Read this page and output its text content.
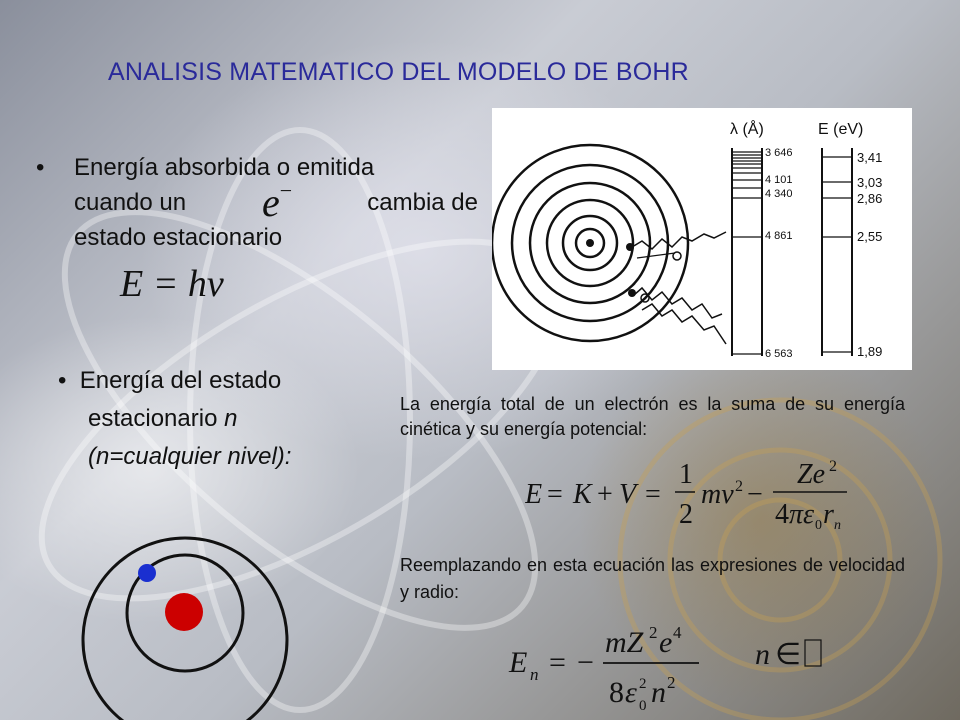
ANALISIS MATEMATICO DEL MODELO DE BOHR
• Energía absorbida o emitida
cuando un	cambia de
estado estacionario
e−
E = hν
• Energía del estado
estacionario n
(n=cualquier nivel):
La energía total de un electrón es la suma de su energía cinética y su energía potencial:
E = K + V =
1
2
mv 2 −
Ze 2
4 πε 0 r n
Reemplazando en esta ecuación las expresiones de velocidad y radio:
E n = −
mZ 2 e 4
8 ε 0
2 n 2
n ∈
λ (Å)	E (eV)
3 646
4 101
4 340
4 861
6 563
3,41
3,03
2,86
2,55
1,89
